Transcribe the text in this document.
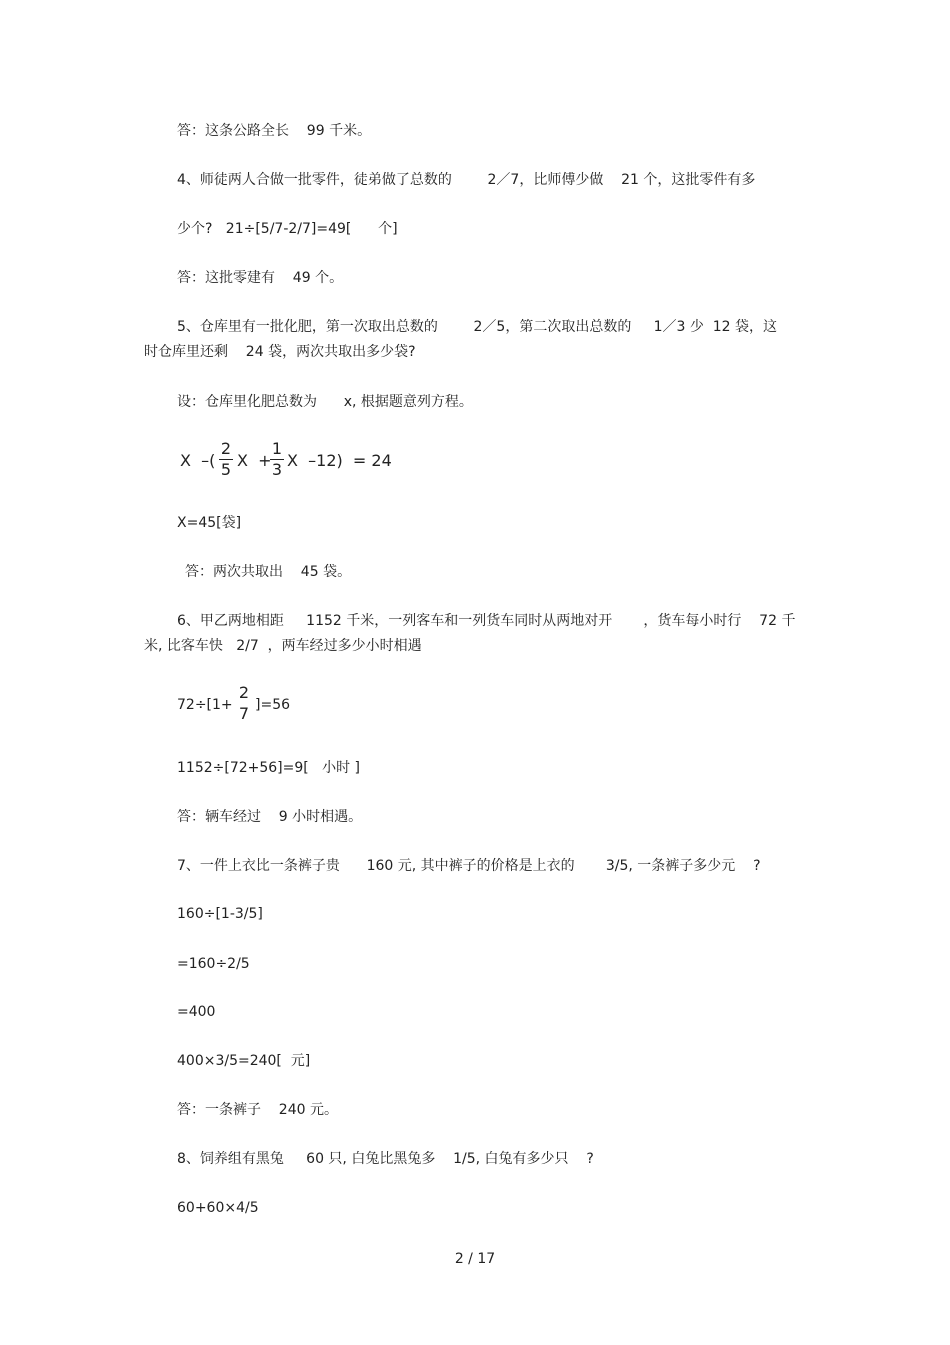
答：这条公路全长    99 千米。
4、师徒两人合做一批零件，徒弟做了总数的        2／7，比师傅少做    21 个，这批零件有多
少个?   21÷[5/7-2/7]=49[      个]
答：这批零建有    49 个。
5、仓库里有一批化肥，第一次取出总数的        2／5，第二次取出总数的     1／3 少  12 袋，这
时仓库里还剩    24 袋，两次共取出多少袋?
设：仓库里化肥总数为      x, 根据题意列方程。
X  –(
2
5 X  +
1
3 X  –12)  = 24
X=45[袋]
答：两次共取出    45 袋。
6、甲乙两地相距     1152 千米，一列客车和一列货车同时从两地对开       ，货车每小时行    72 千
米, 比客车快   2/7  ，两车经过多少小时相遇
72÷[1+
2
7 ]=56
1152÷[72+56]=9[   小时 ]
答：辆车经过    9 小时相遇。
7、一件上衣比一条裤子贵      160 元, 其中裤子的价格是上衣的       3/5, 一条裤子多少元    ?
160÷[1-3/5]
=160÷2/5
=400
400×3/5=240[  元]
答：一条裤子    240 元。
8、饲养组有黑兔     60 只, 白兔比黑兔多    1/5, 白兔有多少只    ?
60+60×4/5
2 / 17
